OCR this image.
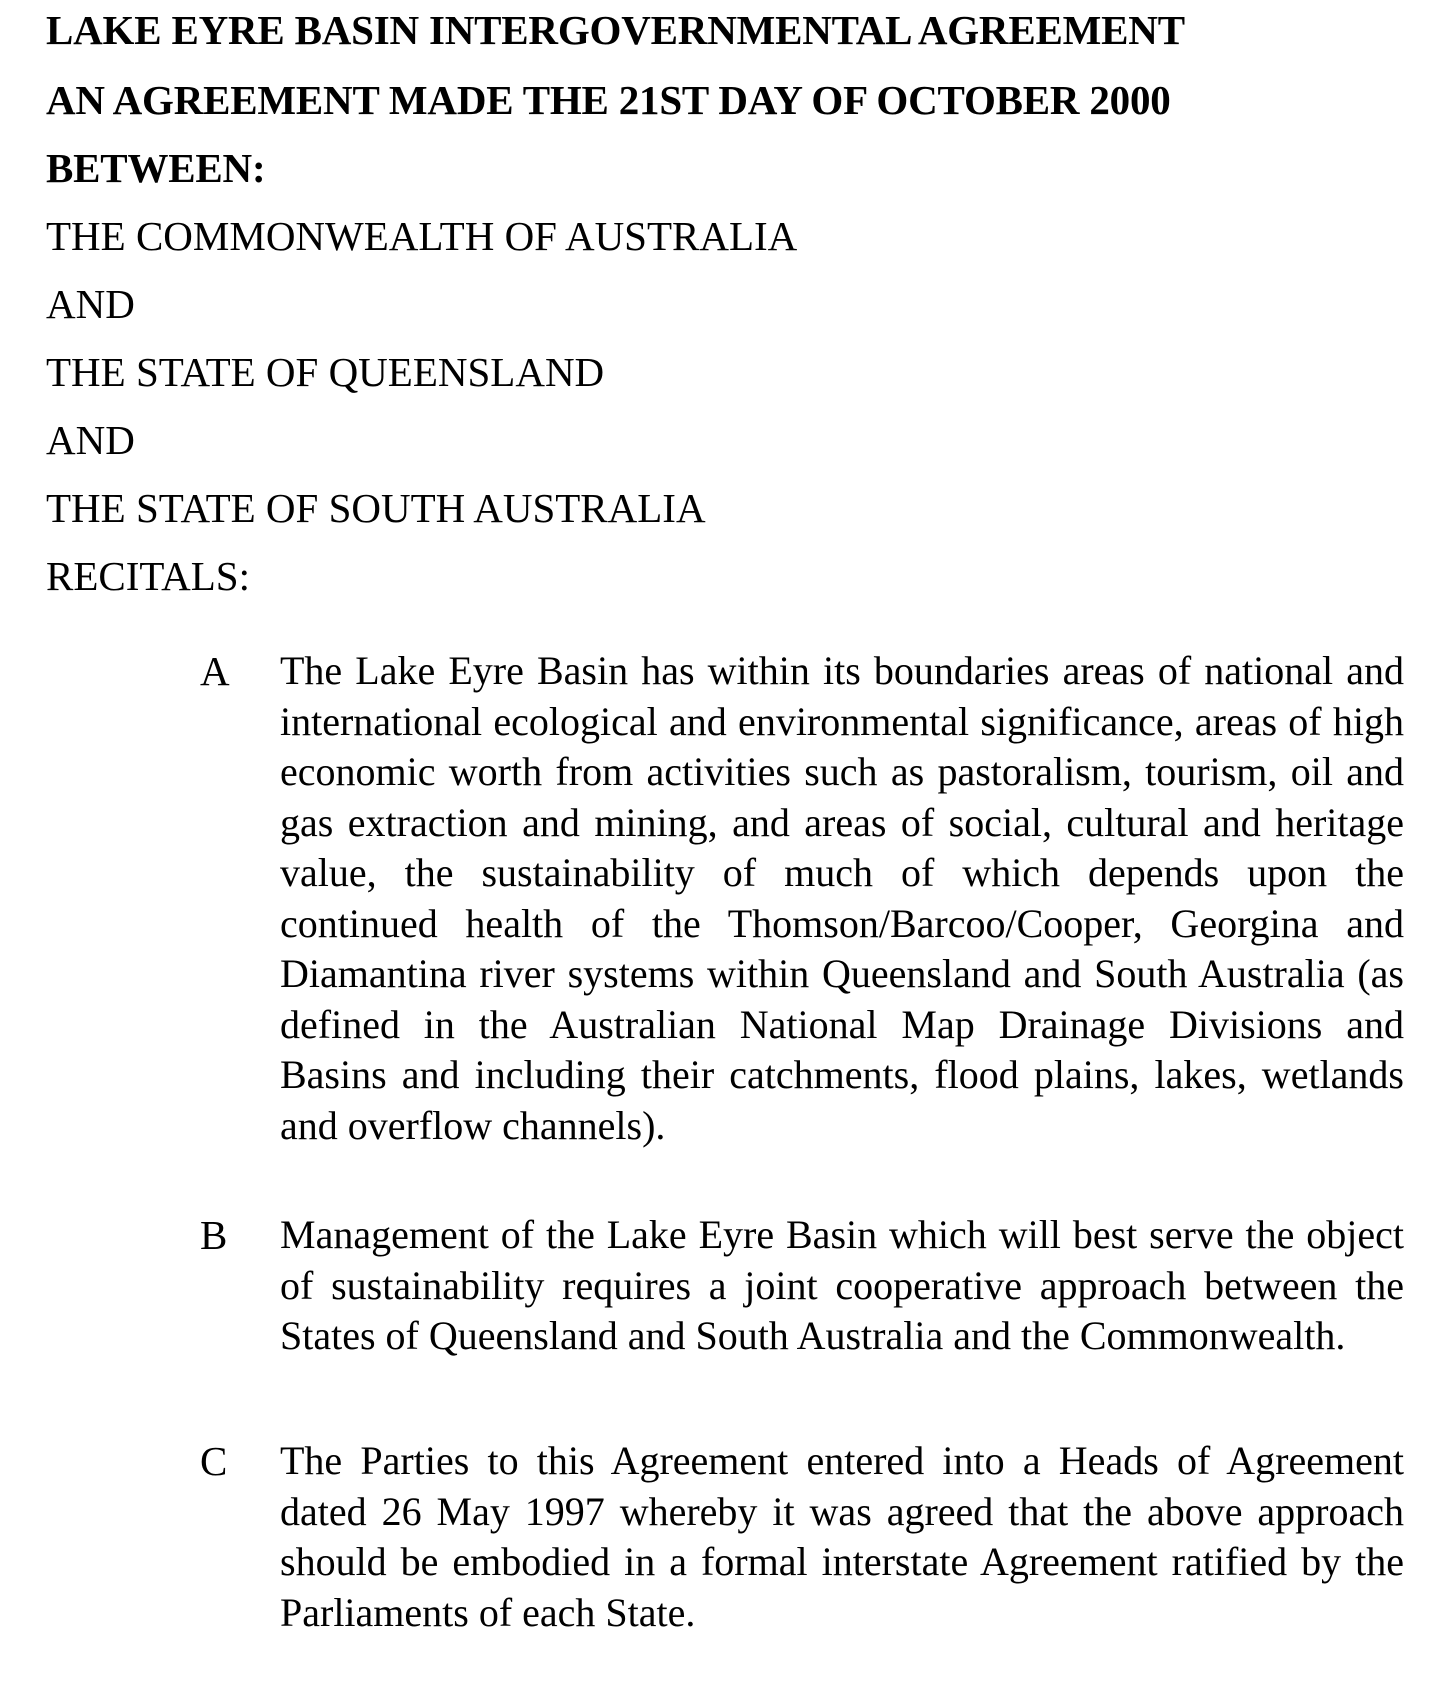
LAKE EYRE BASIN INTERGOVERNMENTAL AGREEMENT

AN AGREEMENT MADE THE 21ST DAY OF OCTOBER 2000

BETWEEN:

THE COMMONWEALTH OF AUSTRALIA

AND

THE STATE OF QUEENSLAND

AND

THE STATE OF SOUTH AUSTRALIA

RECITALS:

A The Lake Eyre Basin has within its boundaries areas of national and international ecological and environmental significance, areas of high economic worth from activities such as pastoralism, tourism, oil and gas extraction and mining, and areas of social, cultural and heritage value, the sustainability of much of which depends upon the continued health of the Thomson/Barcoo/Cooper, Georgina and Diamantina river systems within Queensland and South Australia (as defined in the Australian National Map Drainage Divisions and Basins and including their catchments, flood plains, lakes, wetlands and overflow channels).

B Management of the Lake Eyre Basin which will best serve the object of sustainability requires a joint cooperative approach between the States of Queensland and South Australia and the Commonwealth.

C The Parties to this Agreement entered into a Heads of Agreement dated 26 May 1997 whereby it was agreed that the above approach should be embodied in a formal interstate Agreement ratified by the Parliaments of each State.
